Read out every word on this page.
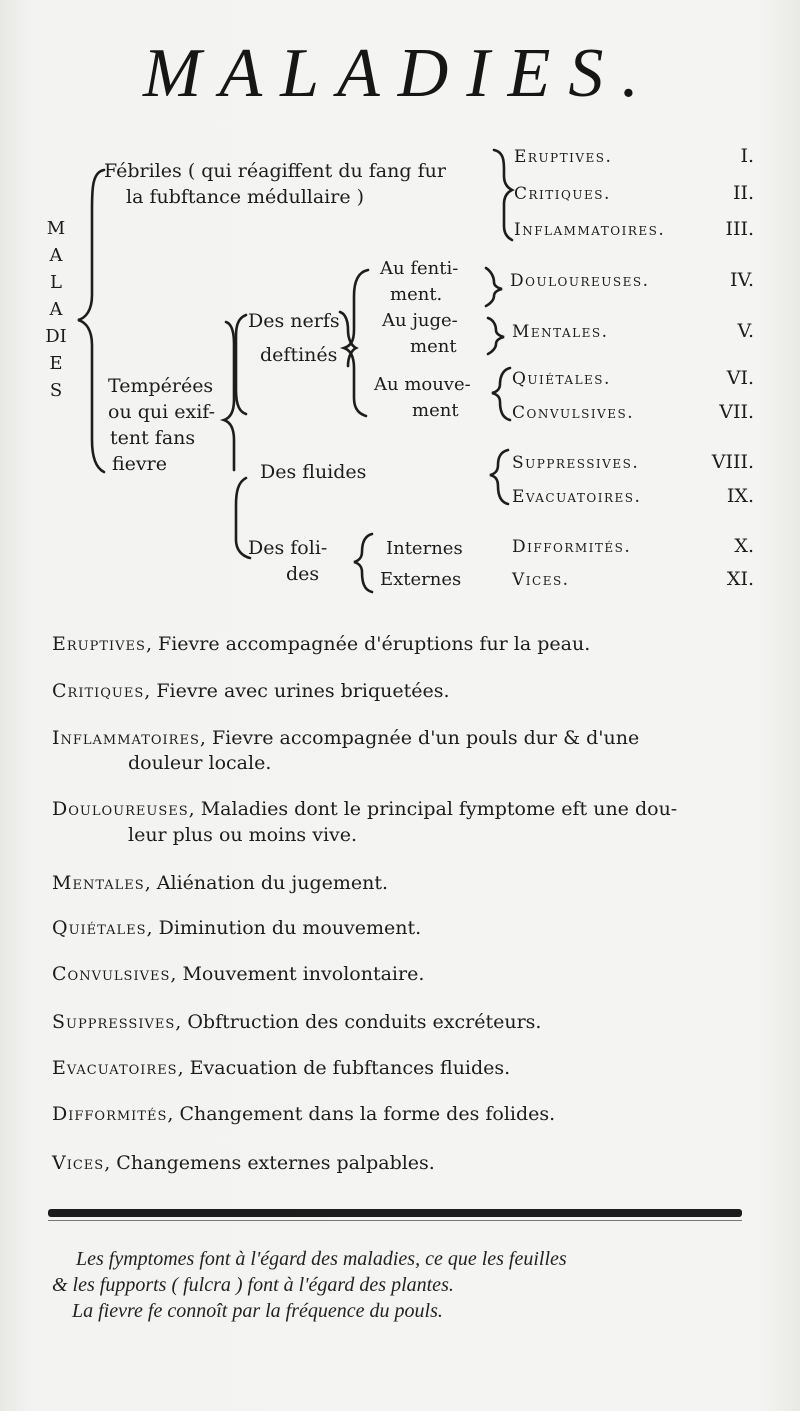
MALADIES.
MALADIES
Fébriles ( qui réagiffent du fang fur
la fubftance médullaire )
Tempérées
ou qui exif-
tent fans
fievre
Des nerfs
deftinés
Des fluides
Des foli-
des
Au fenti-
ment.
Au juge-
ment
Au mouve-
ment
Internes
Externes
Eruptives.	I.
Critiques.	II.
Inflammatoires.	III.
Douloureuses.	IV.
Mentales.	V.
Quiétales.	VI.
Convulsives.	VII.
Suppressives.	VIII.
Evacuatoires.	IX.
Difformités.	X.
Vices.	XI.
Eruptives, Fievre accompagnée d'éruptions fur la peau.
Critiques, Fievre avec urines briquetées.
Inflammatoires, Fievre accompagnée d'un pouls dur & d'une
douleur locale.
Douloureuses, Maladies dont le principal fymptome eft une dou-
leur plus ou moins vive.
Mentales, Aliénation du jugement.
Quiétales, Diminution du mouvement.
Convulsives, Mouvement involontaire.
Suppressives, Obftruction des conduits excréteurs.
Evacuatoires, Evacuation de fubftances fluides.
Difformités, Changement dans la forme des folides.
Vices, Changemens externes palpables.
Les fymptomes font à l'égard des maladies, ce que les feuilles
& les fupports ( fulcra ) font à l'égard des plantes.
La fievre fe connoît par la fréquence du pouls.
